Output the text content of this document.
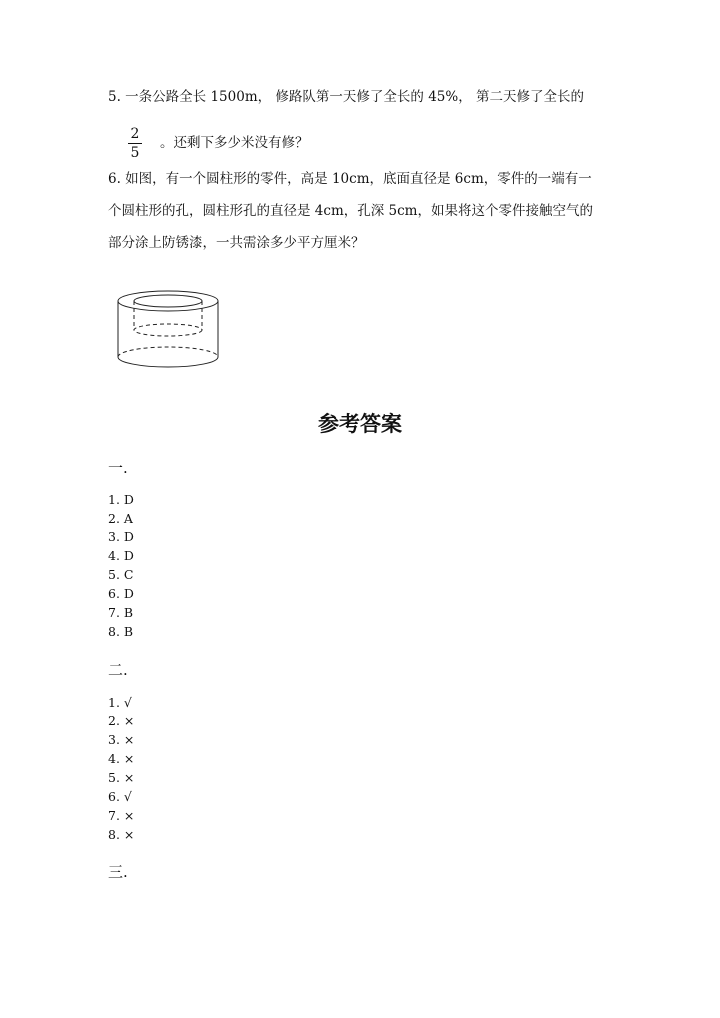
5. 一条公路全长 1500m， 修路队第一天修了全长的 45%， 第二天修了全长的
2
5
。还剩下多少米没有修？
6. 如图，有一个圆柱形的零件，高是 10cm，底面直径是 6cm，零件的一端有一
个圆柱形的孔，圆柱形孔的直径是 4cm，孔深 5cm，如果将这个零件接触空气的
部分涂上防锈漆，一共需涂多少平方厘米？
参考答案
一.
1. D
2. A
3. D
4. D
5. C
6. D
7. B
8. B
二.
1. √
2. ×
3. ×
4. ×
5. ×
6. √
7. ×
8. ×
三.
